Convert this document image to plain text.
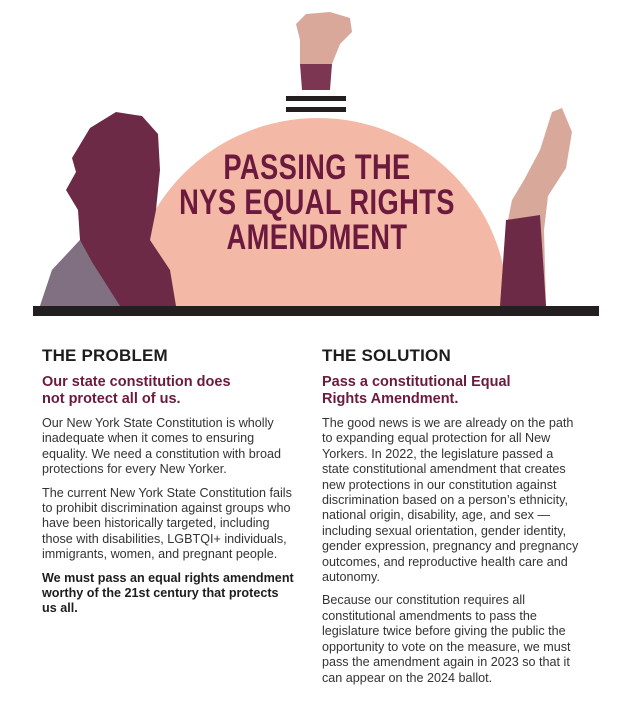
PASSING THE
NYS EQUAL RIGHTS
AMENDMENT
THE PROBLEM
Our state constitution does
not protect all of us.
Our New York State Constitution is wholly
inadequate when it comes to ensuring
equality. We need a constitution with broad
protections for every New Yorker.
The current New York State Constitution fails
to prohibit discrimination against groups who
have been historically targeted, including
those with disabilities, LGBTQI+ individuals,
immigrants, women, and pregnant people.
We must pass an equal rights amendment
worthy of the 21st century that protects
us all.
THE SOLUTION
Pass a constitutional Equal
Rights Amendment.
The good news is we are already on the path
to expanding equal protection for all New
Yorkers. In 2022, the legislature passed a
state constitutional amendment that creates
new protections in our constitution against
discrimination based on a person’s ethnicity,
national origin, disability, age, and sex —
including sexual orientation, gender identity,
gender expression, pregnancy and pregnancy
outcomes, and reproductive health care and
autonomy.
Because our constitution requires all
constitutional amendments to pass the
legislature twice before giving the public the
opportunity to vote on the measure, we must
pass the amendment again in 2023 so that it
can appear on the 2024 ballot.
